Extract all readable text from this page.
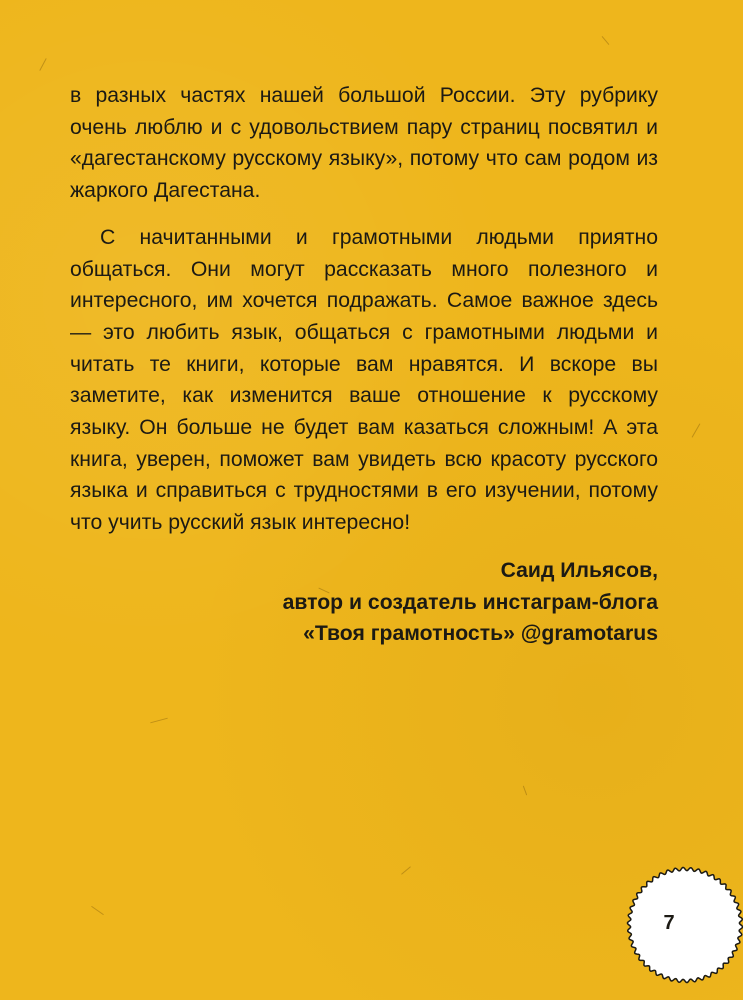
в разных частях нашей большой России. Эту рубрику очень люблю и с удовольствием пару страниц посвятил и «дагестанскому русскому языку», потому что сам родом из жаркого Дагестана.

С начитанными и грамотными людьми приятно общаться. Они могут рассказать много полезного и интересного, им хочется подражать. Самое важное здесь — это любить язык, общаться с грамотными людьми и читать те книги, которые вам нравятся. И вскоре вы заметите, как изменится ваше отношение к русскому языку. Он больше не будет вам казаться сложным! А эта книга, уверен, поможет вам увидеть всю красоту русского языка и справиться с трудностями в его изучении, потому что учить русский язык интересно!

Саид Ильясов,
автор и создатель инстаграм-блога
«Твоя грамотность» @gramotarus
7
